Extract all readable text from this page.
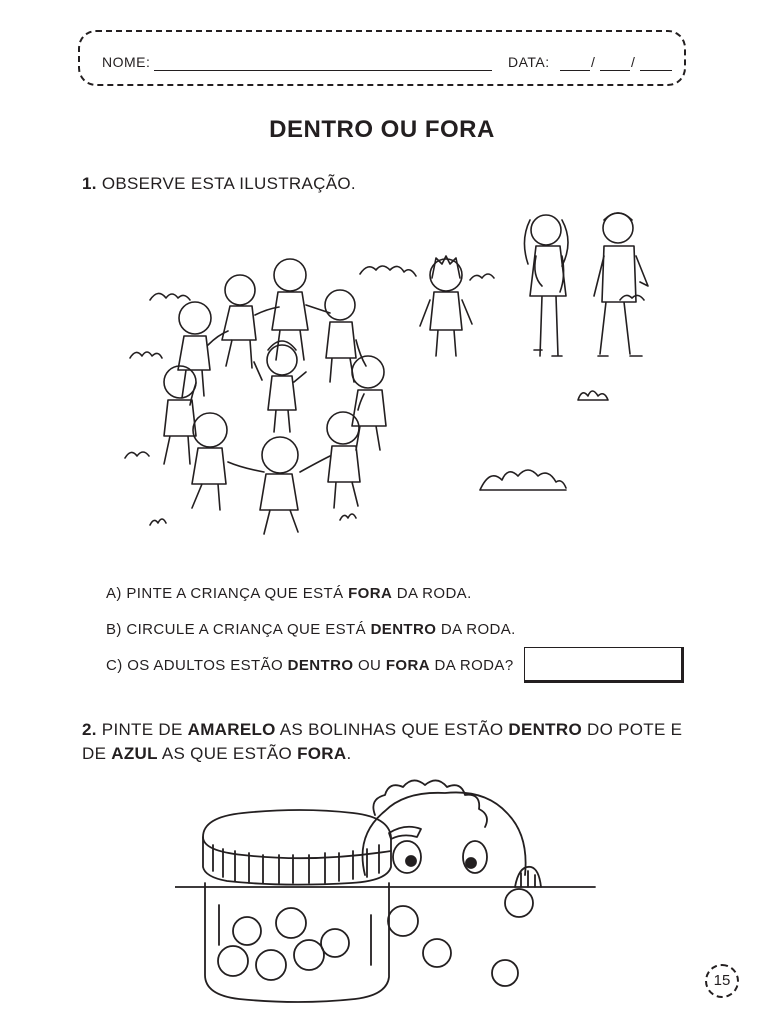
NOME:	DATA:	/	/
DENTRO OU FORA
1. OBSERVE ESTA ILUSTRAÇÃO.
A) PINTE A CRIANÇA QUE ESTÁ FORA DA RODA.
B) CIRCULE A CRIANÇA QUE ESTÁ DENTRO DA RODA.
C) OS ADULTOS ESTÃO DENTRO OU FORA DA RODA?
2. PINTE DE AMARELO AS BOLINHAS QUE ESTÃO DENTRO DO POTE E
DE AZUL AS QUE ESTÃO FORA.
15
